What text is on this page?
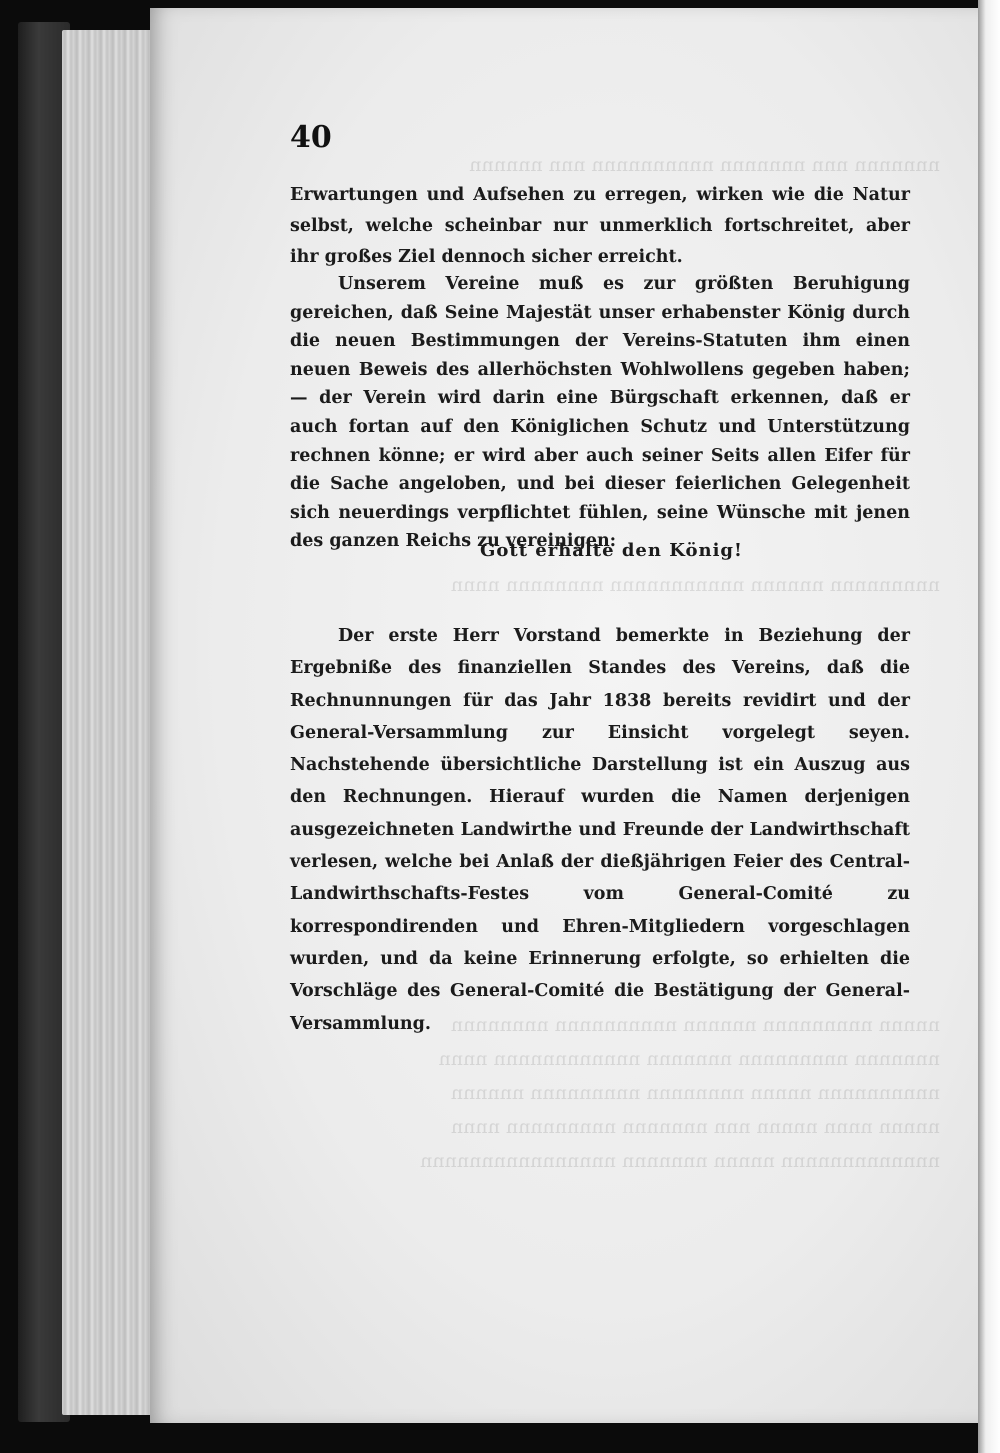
nnnnnnn nnn nnnnnnn nnnnnnnnnn nnn nnnnnn
nnnnnnnnn nnnnnn nnnnnnnnnnn nnnnnnnn nnnn
nnnnn nnnnnnnnn nnnnnn nnnnnnnnnn nnnnnnnn
nnnnnnn nnnnnnnnn nnnnnnn nnnnnnnnnnnn nnnn
nnnnnnnnnn nnnnn nnnnnnnn nnnnnnnnn nnnnnn
nnnnn nnnn nnnnn nnn nnnnnnn nnnnnnnnn nnnn
nnnnnnnnnnnnn nnnnn nnnnnnn nnnnnnnnnnnnnnnn
40

Erwartungen und Aufsehen zu erregen, wirken wie die Natur selbst, welche scheinbar nur unmerklich fortschreitet, aber ihr großes Ziel dennoch sicher erreicht.

Unserem Vereine muß es zur größten Beruhigung gereichen, daß Seine Majestät unser erhabenster König durch die neuen Bestimmungen der Vereins-Statuten ihm einen neuen Beweis des allerhöchsten Wohlwollens gegeben haben; — der Verein wird darin eine Bürgschaft erkennen, daß er auch fortan auf den Königlichen Schutz und Unterstützung rechnen könne; er wird aber auch seiner Seits allen Eifer für die Sache angeloben, und bei dieser feierlichen Gelegenheit sich neuerdings verpflichtet fühlen, seine Wünsche mit jenen des ganzen Reichs zu vereinigen:

Gott erhalte den König!

Der erste Herr Vorstand bemerkte in Beziehung der Ergebniße des finanziellen Standes des Vereins, daß die Rechnunnungen für das Jahr 1838 bereits revidirt und der General-Versammlung zur Einsicht vorgelegt seyen. Nachstehende übersichtliche Darstellung ist ein Auszug aus den Rechnungen. Hierauf wurden die Namen derjenigen ausgezeichneten Landwirthe und Freunde der Landwirthschaft verlesen, welche bei Anlaß der dießjährigen Feier des Central-Landwirthschafts-Festes vom General-Comité zu korrespondirenden und Ehren-Mitgliedern vorgeschlagen wurden, und da keine Erinnerung erfolgte, so erhielten die Vorschläge des General-Comité die Bestätigung der General-Versammlung.
